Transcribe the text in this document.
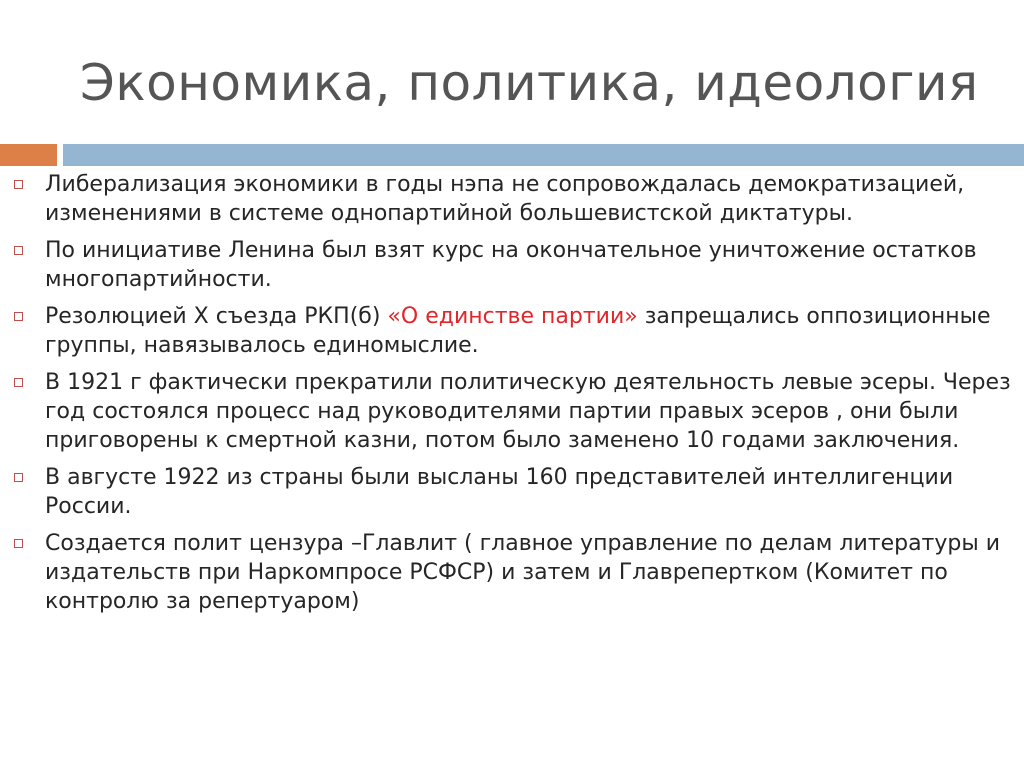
Экономика, политика, идеология
Либерализация экономики в годы нэпа не сопровождалась демократизацией, изменениями в системе однопартийной большевистской диктатуры.
По инициативе Ленина был взят курс на окончательное уничтожение остатков многопартийности.
Резолюцией X съезда РКП(б) «О единстве партии» запрещались оппозиционные группы, навязывалось единомыслие.
В 1921 г фактически прекратили политическую деятельность левые эсеры. Через год состоялся процесс над руководителями партии правых эсеров , они были приговорены к смертной казни, потом было заменено 10 годами заключения.
В августе 1922 из страны были высланы 160 представителей интеллигенции России.
Создается полит цензура –Главлит ( главное управление по делам литературы и издательств при Наркомпросе РСФСР) и затем и Главрепертком (Комитет по контролю за репертуаром)
